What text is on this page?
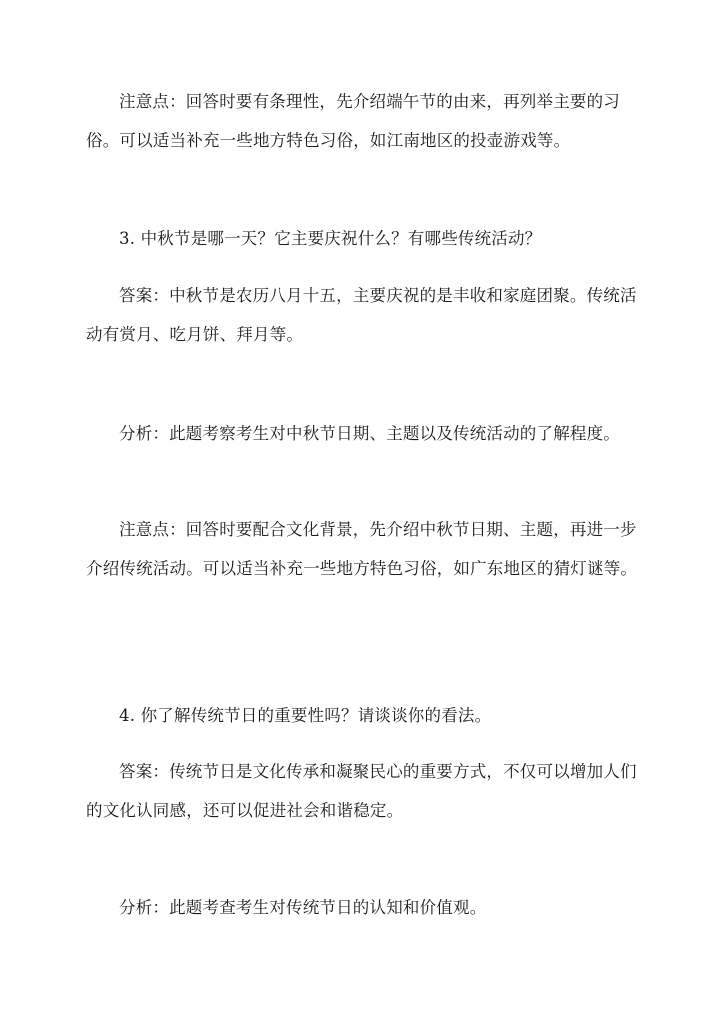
注意点：回答时要有条理性，先介绍端午节的由来，再列举主要的习俗。可以适当补充一些地方特色习俗，如江南地区的投壶游戏等。

3. 中秋节是哪一天？它主要庆祝什么？有哪些传统活动？

答案：中秋节是农历八月十五，主要庆祝的是丰收和家庭团聚。传统活动有赏月、吃月饼、拜月等。

分析：此题考察考生对中秋节日期、主题以及传统活动的了解程度。

注意点：回答时要配合文化背景，先介绍中秋节日期、主题，再进一步介绍传统活动。可以适当补充一些地方特色习俗，如广东地区的猜灯谜等。

4. 你了解传统节日的重要性吗？请谈谈你的看法。

答案：传统节日是文化传承和凝聚民心的重要方式，不仅可以增加人们的文化认同感，还可以促进社会和谐稳定。

分析：此题考查考生对传统节日的认知和价值观。
